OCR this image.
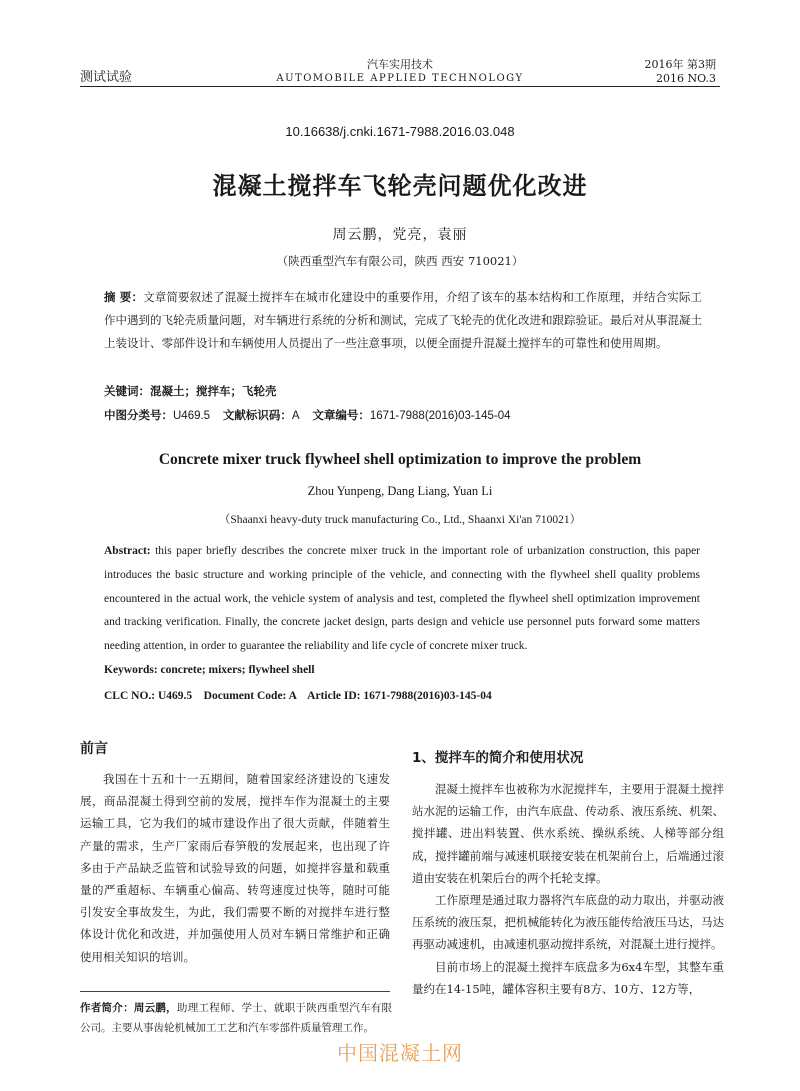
测试试验
汽车实用技术
AUTOMOBILE APPLIED TECHNOLOGY
2016年 第3期
2016 NO.3
10.16638/j.cnki.1671-7988.2016.03.048
混凝土搅拌车飞轮壳问题优化改进
周云鹏，党亮，袁丽
（陕西重型汽车有限公司，陕西 西安 710021）
摘 要：文章简要叙述了混凝土搅拌车在城市化建设中的重要作用，介绍了该车的基本结构和工作原理，并结合实际工作中遇到的飞轮壳质量问题，对车辆进行系统的分析和测试，完成了飞轮壳的优化改进和跟踪验证。最后对从事混凝土上装设计、零部件设计和车辆使用人员提出了一些注意事项，以便全面提升混凝土搅拌车的可靠性和使用周期。
关键词：混凝土；搅拌车；飞轮壳
中图分类号：U469.5 文献标识码：A 文章编号：1671-7988(2016)03-145-04
Concrete mixer truck flywheel shell optimization to improve the problem
Zhou Yunpeng, Dang Liang, Yuan Li
（Shaanxi heavy-duty truck manufacturing Co., Ltd., Shaanxi Xi'an 710021）
Abstract: this paper briefly describes the concrete mixer truck in the important role of urbanization construction, this paper introduces the basic structure and working principle of the vehicle, and connecting with the flywheel shell quality problems encountered in the actual work, the vehicle system of analysis and test, completed the flywheel shell optimization improvement and tracking verification. Finally, the concrete jacket design, parts design and vehicle use personnel puts forward some matters needing attention, in order to guarantee the reliability and life cycle of concrete mixer truck.
Keywords: concrete; mixers; flywheel shell
CLC NO.: U469.5    Document Code: A    Article ID: 1671-7988(2016)03-145-04
前言

我国在十五和十一五期间，随着国家经济建设的飞速发展，商品混凝土得到空前的发展，搅拌车作为混凝土的主要运输工具，它为我们的城市建设作出了很大贡献，伴随着生产量的需求，生产厂家雨后春笋般的发展起来，也出现了许多由于产品缺乏监管和试验导致的问题，如搅拌容量和载重量的严重超标、车辆重心偏高、转弯速度过快等，随时可能引发安全事故发生，为此，我们需要不断的对搅拌车进行整体设计优化和改进，并加强使用人员对车辆日常维护和正确使用相关知识的培训。

作者简介：周云鹏，助理工程师、学士、就职于陕西重型汽车有限公司。主要从事齿轮机械加工工艺和汽车零部件质量管理工作。
1、搅拌车的简介和使用状况

混凝土搅拌车也被称为水泥搅拌车，主要用于混凝土搅拌站水泥的运输工作，由汽车底盘、传动系、液压系统、机架、搅拌罐、进出料装置、供水系统、操纵系统、人梯等部分组成，搅拌罐前端与减速机联接安装在机架前台上，后端通过滚道由安装在机架后台的两个托轮支撑。

工作原理是通过取力器将汽车底盘的动力取出，并驱动液压系统的液压泵，把机械能转化为液压能传给液压马达，马达再驱动减速机，由减速机驱动搅拌系统，对混凝土进行搅拌。

目前市场上的混凝土搅拌车底盘多为6x4车型，其整车重量约在14-15吨，罐体容积主要有8方、10方、12方等，

中国混凝土网
